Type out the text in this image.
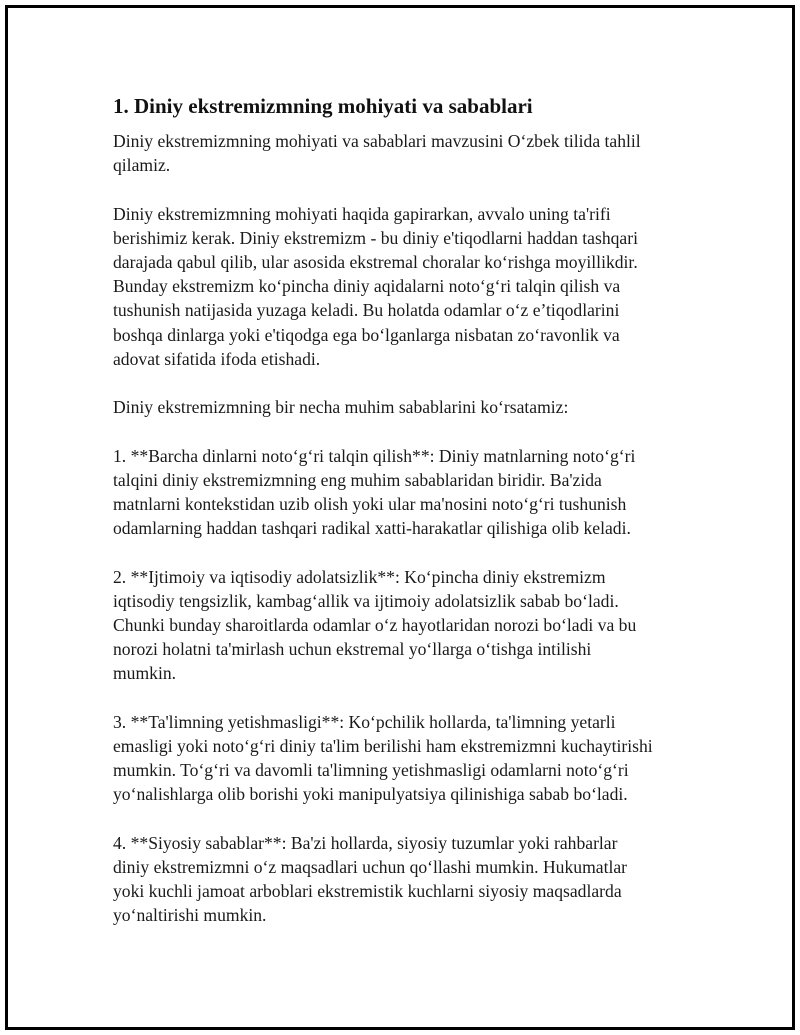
1. Diniy ekstremizmning mohiyati va sabablari

Diniy ekstremizmning mohiyati va sabablari mavzusini O‘zbek tilida tahlil
qilamiz.

Diniy ekstremizmning mohiyati haqida gapirarkan, avvalo uning ta'rifi
berishimiz kerak. Diniy ekstremizm - bu diniy e'tiqodlarni haddan tashqari
darajada qabul qilib, ular asosida ekstremal choralar ko‘rishga moyillikdir.
Bunday ekstremizm ko‘pincha diniy aqidalarni noto‘g‘ri talqin qilish va
tushunish natijasida yuzaga keladi. Bu holatda odamlar o‘z e’tiqodlarini
boshqa dinlarga yoki e'tiqodga ega bo‘lganlarga nisbatan zo‘ravonlik va
adovat sifatida ifoda etishadi.

Diniy ekstremizmning bir necha muhim sabablarini ko‘rsatamiz:

1. **Barcha dinlarni noto‘g‘ri talqin qilish**: Diniy matnlarning noto‘g‘ri
talqini diniy ekstremizmning eng muhim sabablaridan biridir. Ba'zida
matnlarni kontekstidan uzib olish yoki ular ma'nosini noto‘g‘ri tushunish
odamlarning haddan tashqari radikal xatti-harakatlar qilishiga olib keladi.

2. **Ijtimoiy va iqtisodiy adolatsizlik**: Ko‘pincha diniy ekstremizm
iqtisodiy tengsizlik, kambag‘allik va ijtimoiy adolatsizlik sabab bo‘ladi.
Chunki bunday sharoitlarda odamlar o‘z hayotlaridan norozi bo‘ladi va bu
norozi holatni ta'mirlash uchun ekstremal yo‘llarga o‘tishga intilishi
mumkin.

3. **Ta'limning yetishmasligi**: Ko‘pchilik hollarda, ta'limning yetarli
emasligi yoki noto‘g‘ri diniy ta'lim berilishi ham ekstremizmni kuchaytirishi
mumkin. To‘g‘ri va davomli ta'limning yetishmasligi odamlarni noto‘g‘ri
yo‘nalishlarga olib borishi yoki manipulyatsiya qilinishiga sabab bo‘ladi.

4. **Siyosiy sabablar**: Ba'zi hollarda, siyosiy tuzumlar yoki rahbarlar
diniy ekstremizmni o‘z maqsadlari uchun qo‘llashi mumkin. Hukumatlar
yoki kuchli jamoat arboblari ekstremistik kuchlarni siyosiy maqsadlarda
yo‘naltirishi mumkin.
